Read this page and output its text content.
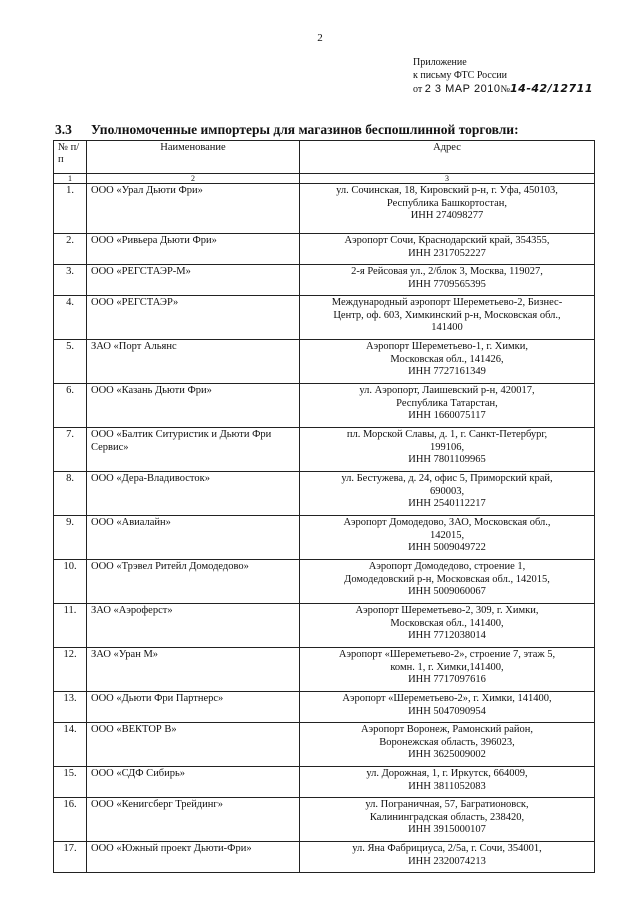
2
Приложение
к письму ФТС России
от 2 3 МАР 2010№14-42/12711
3.3 Уполномоченные импортеры для магазинов беспошлинной торговли:
№ п/п	Наименование	Адрес
1	2	3
1.	ООО «Урал Дьюти Фри»	ул. Сочинская, 18, Кировский р-н, г. Уфа, 450103,
Республика Башкортостан,
ИНН 274098277

2.	ООО «Ривьера Дьюти Фри»	Аэропорт Сочи, Краснодарский край, 354355,
ИНН 2317052227

3.	ООО «РЕГСТАЭР-М»	2-я Рейсовая ул., 2/блок 3, Москва, 119027,
ИНН 7709565395

4.	ООО «РЕГСТАЭР»	Международный аэропорт Шереметьево-2, Бизнес-
Центр, оф. 603, Химкинский р-н, Московская обл.,
141400

5.	ЗАО «Порт Альянс	Аэропорт Шереметьево-1, г. Химки,
Московская обл., 141426,
ИНН 7727161349

6.	ООО «Казань Дьюти Фри»	ул. Аэропорт, Лаишевский р-н, 420017,
Республика Татарстан,
ИНН 1660075117

7.	ООО «Балтик Ситуристик и Дьюти Фри Сервис»	пл. Морской Славы, д. 1, г. Санкт-Петербург,
199106,
ИНН 7801109965

8.	ООО «Дера-Владивосток»	ул. Бестужева, д. 24, офис 5, Приморский край,
690003,
ИНН 2540112217

9.	ООО «Авиалайн»	Аэропорт Домодедово, ЗАО, Московская обл.,
142015,
ИНН 5009049722

10.	ООО «Трэвел Ритейл Домодедово»	Аэропорт Домодедово, строение 1,
Домодедовский р-н, Московская обл., 142015,
ИНН 5009060067

11.	ЗАО «Аэроферст»	Аэропорт Шереметьево-2, 309, г. Химки,
Московская обл., 141400,
ИНН 7712038014

12.	ЗАО «Уран М»	Аэропорт «Шереметьево-2», строение 7, этаж 5,
комн. 1, г. Химки,141400,
ИНН 7717097616

13.	ООО «Дьюти Фри Партнерс»	Аэропорт «Шереметьево-2», г. Химки, 141400,
ИНН 5047090954

14.	ООО «ВЕКТОР В»	Аэропорт Воронеж, Рамонский район,
Воронежская область, 396023,
ИНН 3625009002

15.	ООО «СДФ Сибирь»	ул. Дорожная, 1, г. Иркутск, 664009,
ИНН 3811052083

16.	ООО «Кенигсберг Трейдинг»	ул. Пограничная, 57, Багратионовск,
Калининградская область, 238420,
ИНН 3915000107

17.	ООО «Южный проект Дьюти-Фри»	ул. Яна Фабрициуса, 2/5а, г. Сочи, 354001,
ИНН 2320074213
